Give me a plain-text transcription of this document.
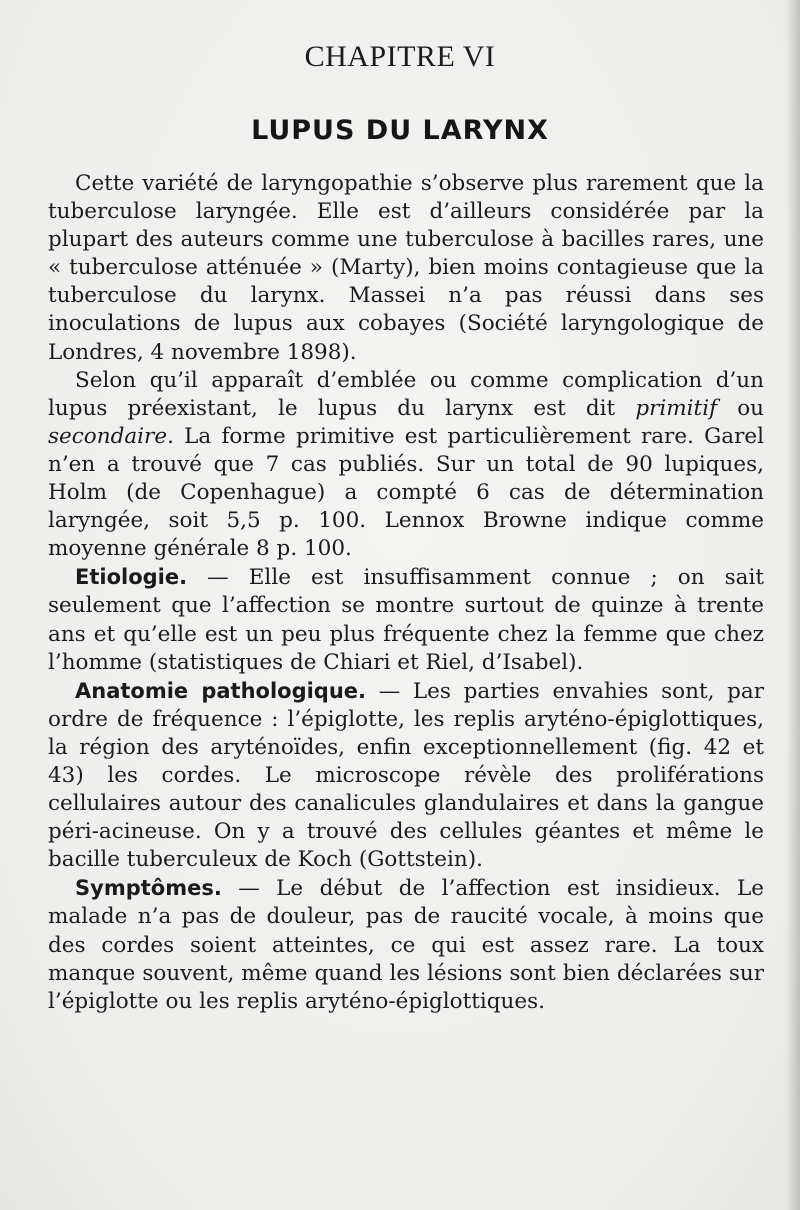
CHAPITRE VI
LUPUS DU LARYNX

Cette variété de laryngopathie s’observe plus rarement que la tuberculose laryngée. Elle est d’ailleurs considérée par la plupart des auteurs comme une tuberculose à bacilles rares, une « tuberculose atténuée » (Marty), bien moins contagieuse que la tuberculose du larynx. Massei n’a pas réussi dans ses inoculations de lupus aux cobayes (Société laryngologique de Londres, 4 novembre 1898).

Selon qu’il apparaît d’emblée ou comme complication d’un lupus préexistant, le lupus du larynx est dit primitif ou secondaire. La forme primitive est particulièrement rare. Garel n’en a trouvé que 7 cas publiés. Sur un total de 90 lupiques, Holm (de Copenhague) a compté 6 cas de détermination laryngée, soit 5,5 p. 100. Lennox Browne indique comme moyenne générale 8 p. 100.

Etiologie. — Elle est insuffisamment connue ; on sait seulement que l’affection se montre surtout de quinze à trente ans et qu’elle est un peu plus fréquente chez la femme que chez l’homme (statistiques de Chiari et Riel, d’Isabel).

Anatomie pathologique. — Les parties envahies sont, par ordre de fréquence : l’épiglotte, les replis aryténo-épiglottiques, la région des aryténoïdes, enfin exceptionnellement (fig. 42 et 43) les cordes. Le microscope révèle des proliférations cellulaires autour des canalicules glandulaires et dans la gangue péri-acineuse. On y a trouvé des cellules géantes et même le bacille tuberculeux de Koch (Gottstein).

Symptômes. — Le début de l’affection est insidieux. Le malade n’a pas de douleur, pas de raucité vocale, à moins que des cordes soient atteintes, ce qui est assez rare. La toux manque souvent, même quand les lésions sont bien déclarées sur l’épiglotte ou les replis aryténo-épiglottiques.
